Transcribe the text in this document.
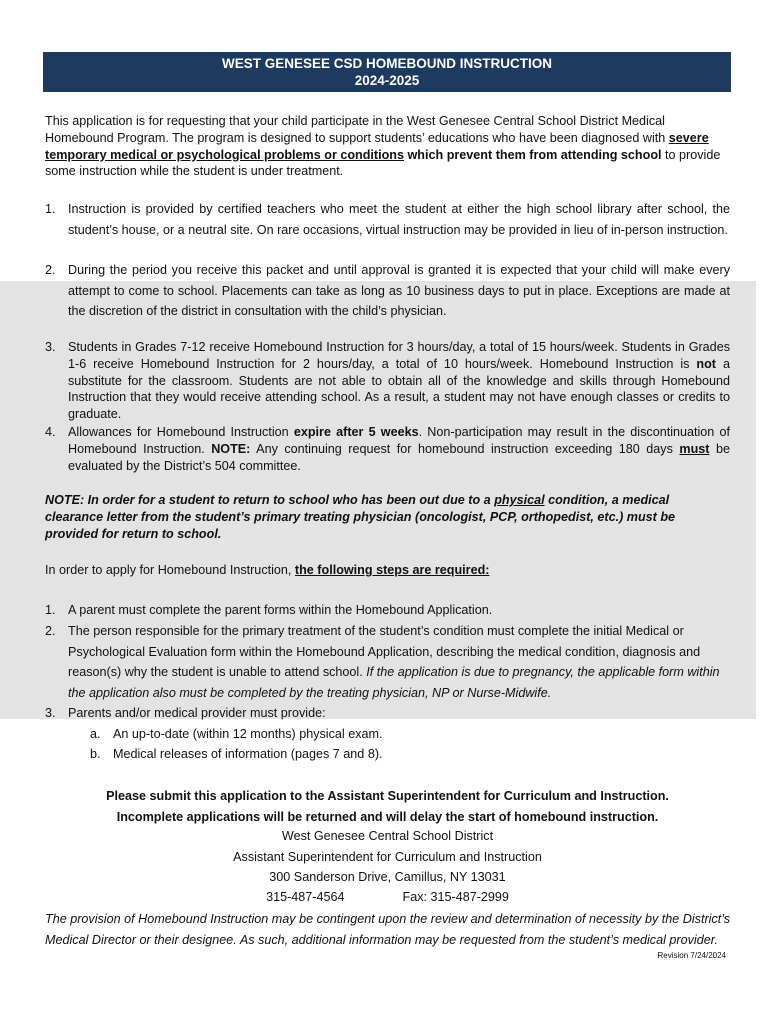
WEST GENESEE CSD HOMEBOUND INSTRUCTION
2024-2025
This application is for requesting that your child participate in the West Genesee Central School District Medical Homebound Program. The program is designed to support students’ educations who have been diagnosed with severe temporary medical or psychological problems or conditions which prevent them from attending school to provide some instruction while the student is under treatment.
1. Instruction is provided by certified teachers who meet the student at either the high school library after school, the student’s house, or a neutral site. On rare occasions, virtual instruction may be provided in lieu of in-person instruction.
2. During the period you receive this packet and until approval is granted it is expected that your child will make every attempt to come to school. Placements can take as long as 10 business days to put in place. Exceptions are made at the discretion of the district in consultation with the child’s physician.
3. Students in Grades 7-12 receive Homebound Instruction for 3 hours/day, a total of 15 hours/week. Students in Grades 1-6 receive Homebound Instruction for 2 hours/day, a total of 10 hours/week. Homebound Instruction is not a substitute for the classroom. Students are not able to obtain all of the knowledge and skills through Homebound Instruction that they would receive attending school. As a result, a student may not have enough classes or credits to graduate.
4. Allowances for Homebound Instruction expire after 5 weeks. Non-participation may result in the discontinuation of Homebound Instruction. NOTE: Any continuing request for homebound instruction exceeding 180 days must be evaluated by the District’s 504 committee.
NOTE: In order for a student to return to school who has been out due to a physical condition, a medical clearance letter from the student’s primary treating physician (oncologist, PCP, orthopedist, etc.) must be provided for return to school.
In order to apply for Homebound Instruction, the following steps are required:
1. A parent must complete the parent forms within the Homebound Application.
2. The person responsible for the primary treatment of the student’s condition must complete the initial Medical or Psychological Evaluation form within the Homebound Application, describing the medical condition, diagnosis and reason(s) why the student is unable to attend school. If the application is due to pregnancy, the applicable form within the application also must be completed by the treating physician, NP or Nurse-Midwife.
3. Parents and/or medical provider must provide:
a. An up-to-date (within 12 months) physical exam.
b. Medical releases of information (pages 7 and 8).
Please submit this application to the Assistant Superintendent for Curriculum and Instruction.
Incomplete applications will be returned and will delay the start of homebound instruction.
West Genesee Central School District
Assistant Superintendent for Curriculum and Instruction
300 Sanderson Drive, Camillus, NY 13031
315-487-4564	Fax: 315-487-2999
The provision of Homebound Instruction may be contingent upon the review and determination of necessity by the District’s Medical Director or their designee. As such, additional information may be requested from the student’s medical provider.
Revision 7/24/2024
